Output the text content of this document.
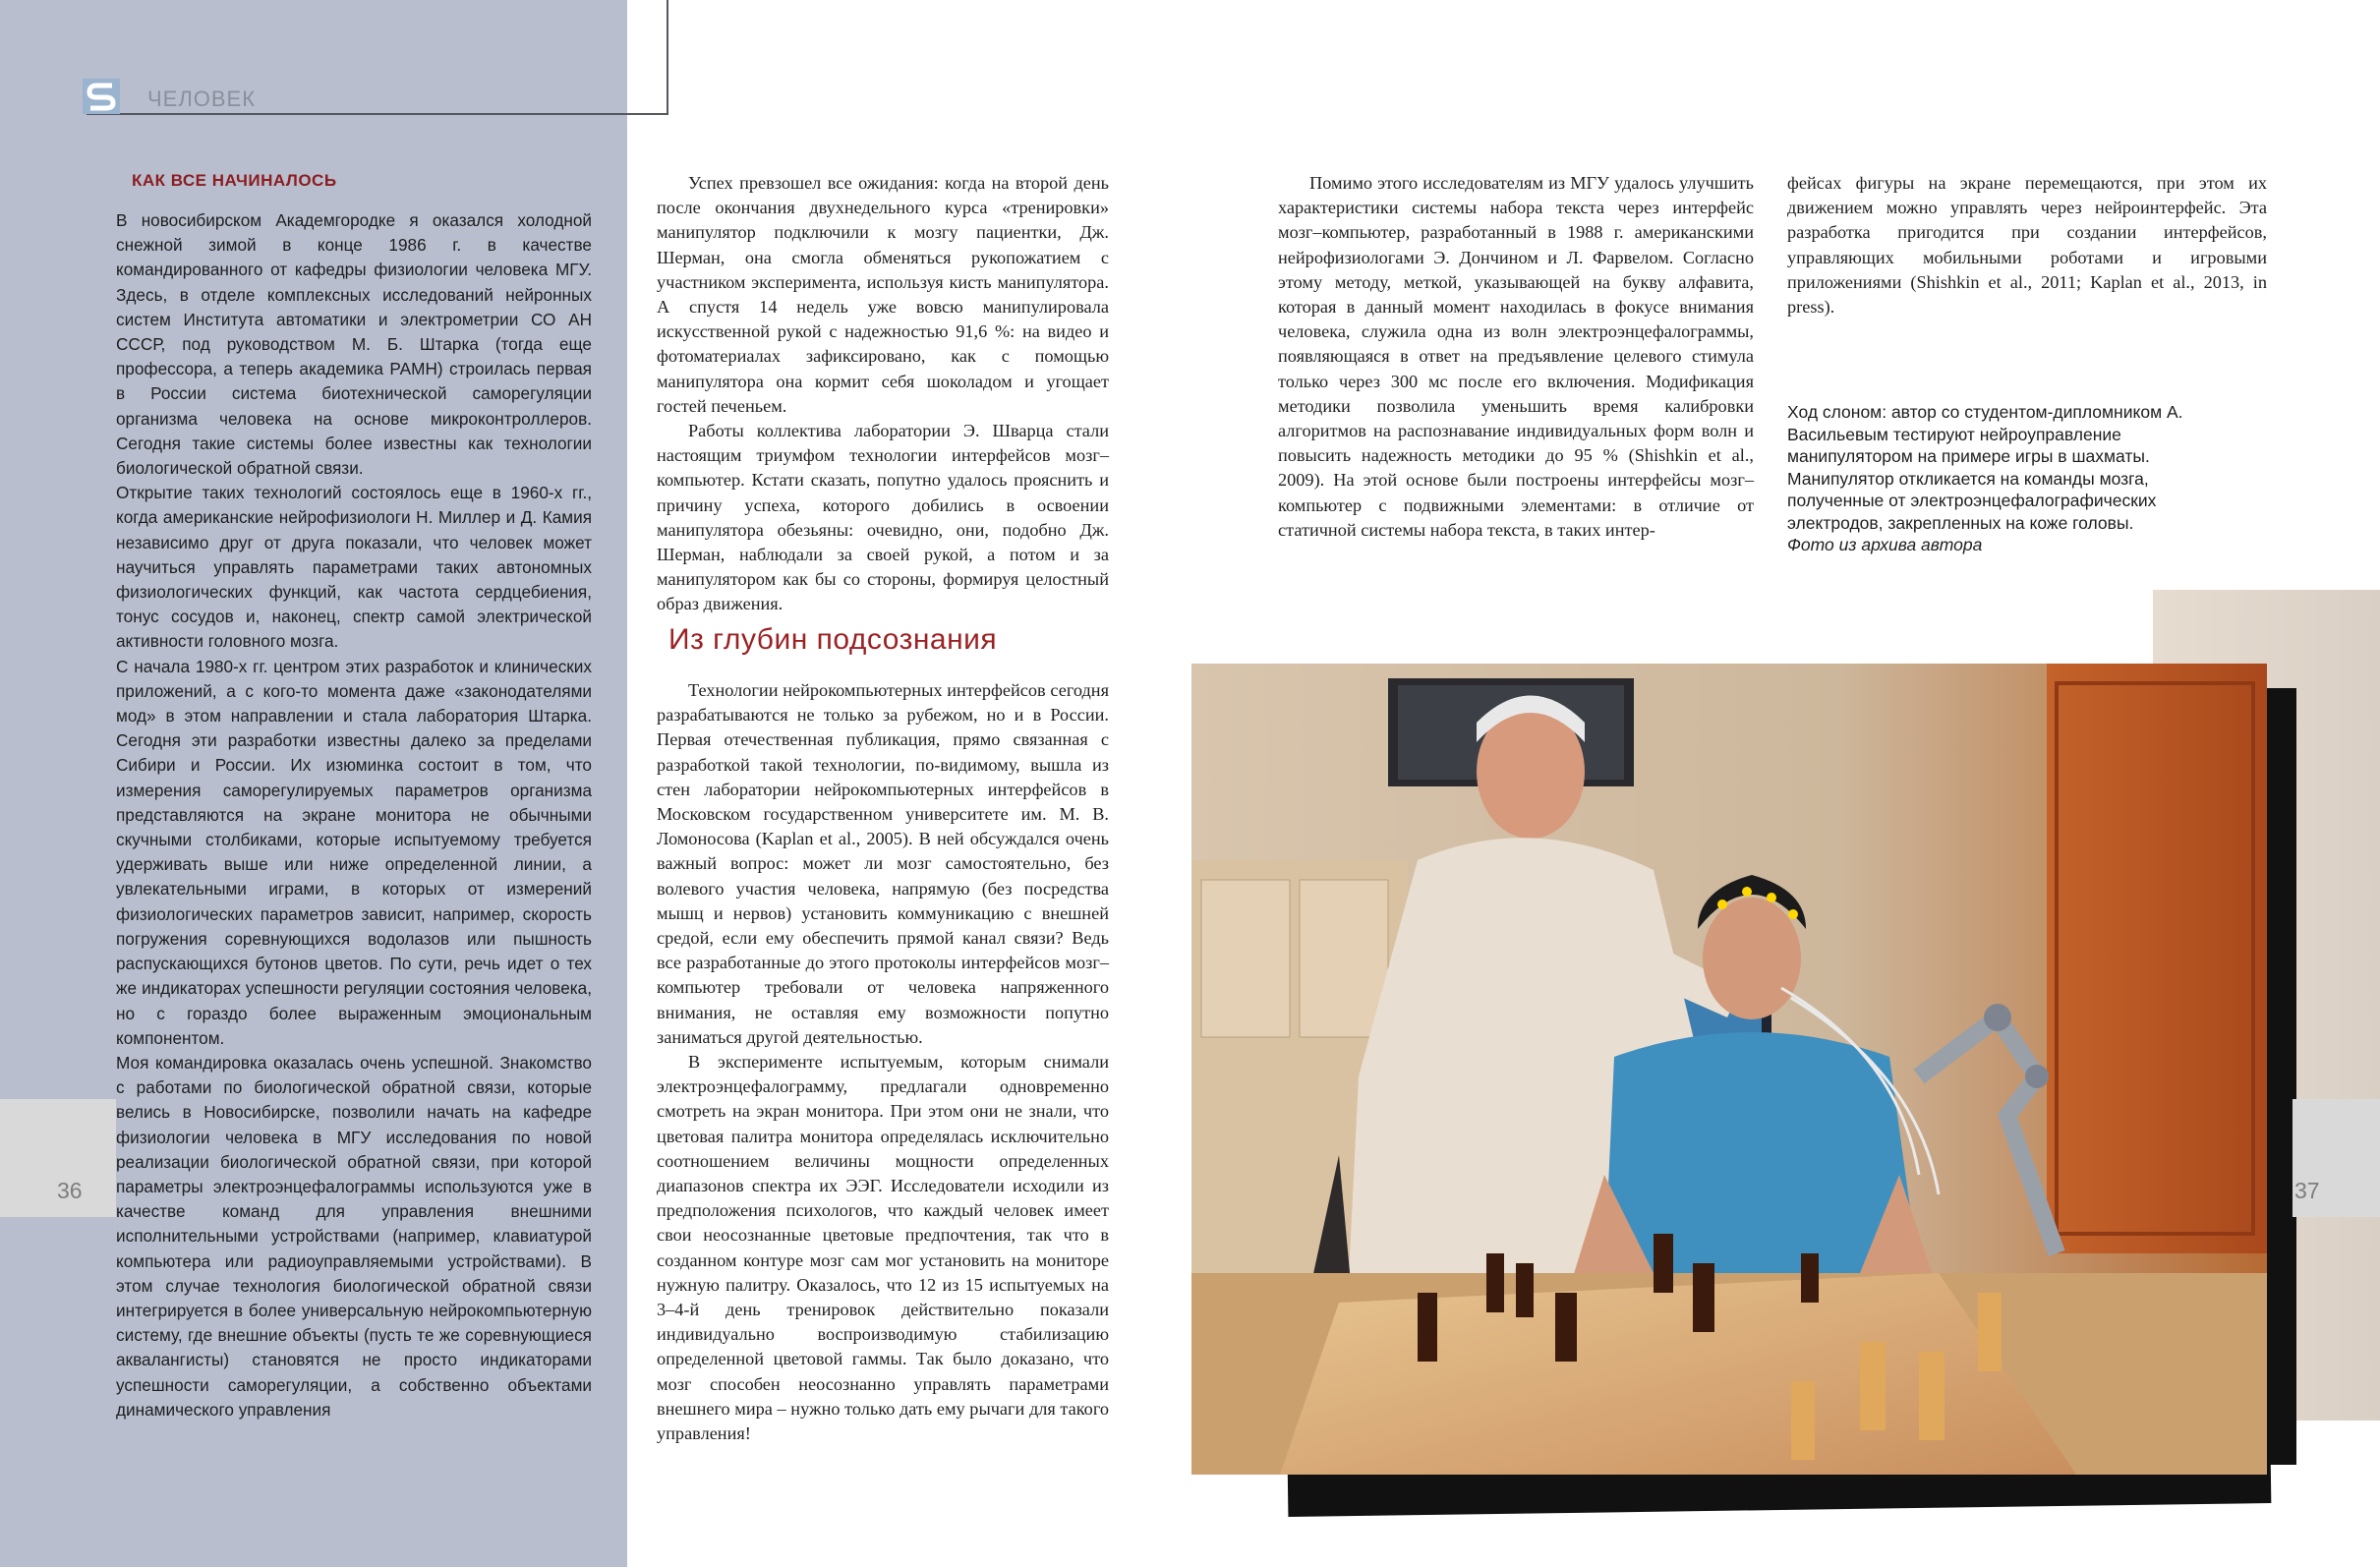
ЧЕЛОВЕК
КАК ВСЕ НАЧИНАЛОСЬ

В новосибирском Академгородке я оказался холодной снежной зимой в конце 1986 г. в качестве командированного от кафедры физиологии человека МГУ. Здесь, в отделе комплексных исследований нейронных систем Института автоматики и электрометрии СО АН СССР, под руководством М. Б. Штарка (тогда еще профессора, а теперь академика РАМН) строилась первая в России система биотехнической саморегуляции организма человека на основе микроконтроллеров. Сегодня такие системы более известны как технологии биологической обратной связи.

Открытие таких технологий состоялось еще в 1960-х гг., когда американские нейрофизиологи Н. Миллер и Д. Камия независимо друг от друга показали, что человек может научиться управлять параметрами таких автономных физиологических функций, как частота сердцебиения, тонус сосудов и, наконец, спектр самой электрической активности головного мозга.

С начала 1980-х гг. центром этих разработок и клинических приложений, а с кого-то момента даже «законодателями мод» в этом направлении и стала лаборатория Штарка. Сегодня эти разработки известны далеко за пределами Сибири и России. Их изюминка состоит в том, что измерения саморегулируемых параметров организма представляются на экране монитора не обычными скучными столбиками, которые испытуемому требуется удерживать выше или ниже определенной линии, а увлекательными играми, в которых от измерений физиологических параметров зависит, например, скорость погружения соревнующихся водолазов или пышность распускающихся бутонов цветов. По сути, речь идет о тех же индикаторах успешности регуляции состояния человека, но с гораздо более выраженным эмоциональным компонентом.

Моя командировка оказалась очень успешной. Знакомство с работами по биологической обратной связи, которые велись в Новосибирске, позволили начать на кафедре физиологии человека в МГУ исследования по новой реализации биологической обратной связи, при которой параметры электроэнцефалограммы используются уже в качестве команд для управления внешними исполнительными устройствами (например, клавиатурой компьютера или радиоуправляемыми устройствами). В этом случае технология биологической обратной связи интегрируется в более универсальную нейрокомпьютерную систему, где внешние объекты (пусть те же соревнующиеся аквалангисты) становятся не просто индикаторами успешности саморегуляции, а собственно объектами динамического управления

36

Успех превзошел все ожидания: когда на второй день после окончания двухнедельного курса «тренировки» манипулятор подключили к мозгу пациентки, Дж. Шерман, она смогла обменяться рукопожатием с участником эксперимента, используя кисть манипулятора. А спустя 14 недель уже вовсю манипулировала искусственной рукой с надежностью 91,6 %: на видео и фотоматериалах зафиксировано, как с помощью манипулятора она кормит себя шоколадом и угощает гостей печеньем.

Работы коллектива лаборатории Э. Шварца стали настоящим триумфом технологии интерфейсов мозг–компьютер. Кстати сказать, попутно удалось прояснить и причину успеха, которого добились в освоении манипулятора обезьяны: очевидно, они, подобно Дж. Шерман, наблюдали за своей рукой, а потом и за манипулятором как бы со стороны, формируя целостный образ движения.

Из глубин подсознания

Технологии нейрокомпьютерных интерфейсов сегодня разрабатываются не только за рубежом, но и в России. Первая отечественная публикация, прямо связанная с разработкой такой технологии, по-видимому, вышла из стен лаборатории нейрокомпьютерных интерфейсов в Московском государственном университете им. М. В. Ломоносова (Kaplan et al., 2005). В ней обсуждался очень важный вопрос: может ли мозг самостоятельно, без волевого участия человека, напрямую (без посредства мышц и нервов) установить коммуникацию с внешней средой, если ему обеспечить прямой канал связи? Ведь все разработанные до этого протоколы интерфейсов мозг–компьютер требовали от человека напряженного внимания, не оставляя ему возможности попутно заниматься другой деятельностью.

В эксперименте испытуемым, которым снимали электроэнцефалограмму, предлагали одновременно смотреть на экран монитора. При этом они не знали, что цветовая палитра монитора определялась исключительно соотношением величины мощности определенных диапазонов спектра их ЭЭГ. Исследователи исходили из предположения психологов, что каждый человек имеет свои неосознанные цветовые предпочтения, так что в созданном контуре мозг сам мог установить на мониторе нужную палитру. Оказалось, что 12 из 15 испытуемых на 3–4-й день тренировок действительно показали индивидуально воспроизводимую стабилизацию определенной цветовой гаммы. Так было доказано, что мозг способен неосознанно управлять параметрами внешнего мира – нужно только дать ему рычаги для такого управления!

Помимо этого исследователям из МГУ удалось улучшить характеристики системы набора текста через интерфейс мозг–компьютер, разработанный в 1988 г. американскими нейрофизиологами Э. Дончином и Л. Фарвелом. Согласно этому методу, меткой, указывающей на букву алфавита, которая в данный момент находилась в фокусе внимания человека, служила одна из волн электроэнцефалограммы, появляющаяся в ответ на предъявление целевого стимула только через 300 мс после его включения. Модификация методики позволила уменьшить время калибровки алгоритмов на распознавание индивидуальных форм волн и повысить надежность методики до 95 % (Shishkin et al., 2009). На этой основе были построены интерфейсы мозг–компьютер с подвижными элементами: в отличие от статичной системы набора текста, в таких интер-

фейсах фигуры на экране перемещаются, при этом их движением можно управлять через нейроинтерфейс. Эта разработка пригодится при создании интерфейсов, управляющих мобильными роботами и игровыми приложениями (Shishkin et al., 2011; Kaplan et al., 2013, in press).

Ход слоном: автор со студентом-дипломником А. Васильевым тестируют нейроуправление манипулятором на примере игры в шахматы. Манипулятор откликается на команды мозга, полученные от электроэнцефалографических электродов, закрепленных на коже головы.
Фото из архива автора
37
